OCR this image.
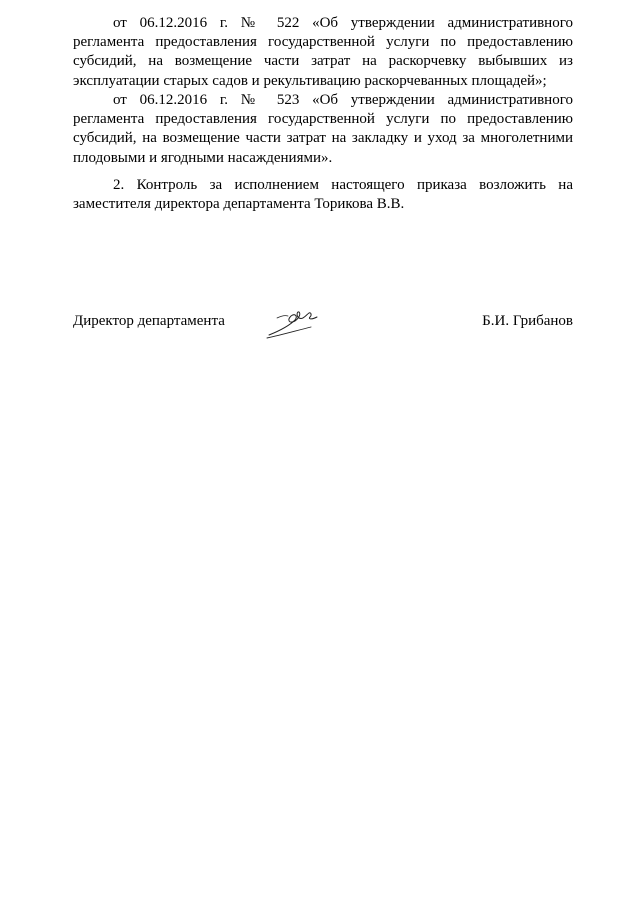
от 06.12.2016 г. № 522 «Об утверждении административного регламента предоставления государственной услуги по предоставлению субсидий, на возмещение части затрат на раскорчевку выбывших из эксплуатации старых садов и рекультивацию раскорчеванных площадей»;

от 06.12.2016 г. № 523 «Об утверждении административного регламента предоставления государственной услуги по предоставлению субсидий, на возмещение части затрат на закладку и уход за многолетними плодовыми и ягодными насаждениями».

2. Контроль за исполнением настоящего приказа возложить на заместителя директора департамента Торикова В.В.

Директор департамента	Б.И. Грибанов
